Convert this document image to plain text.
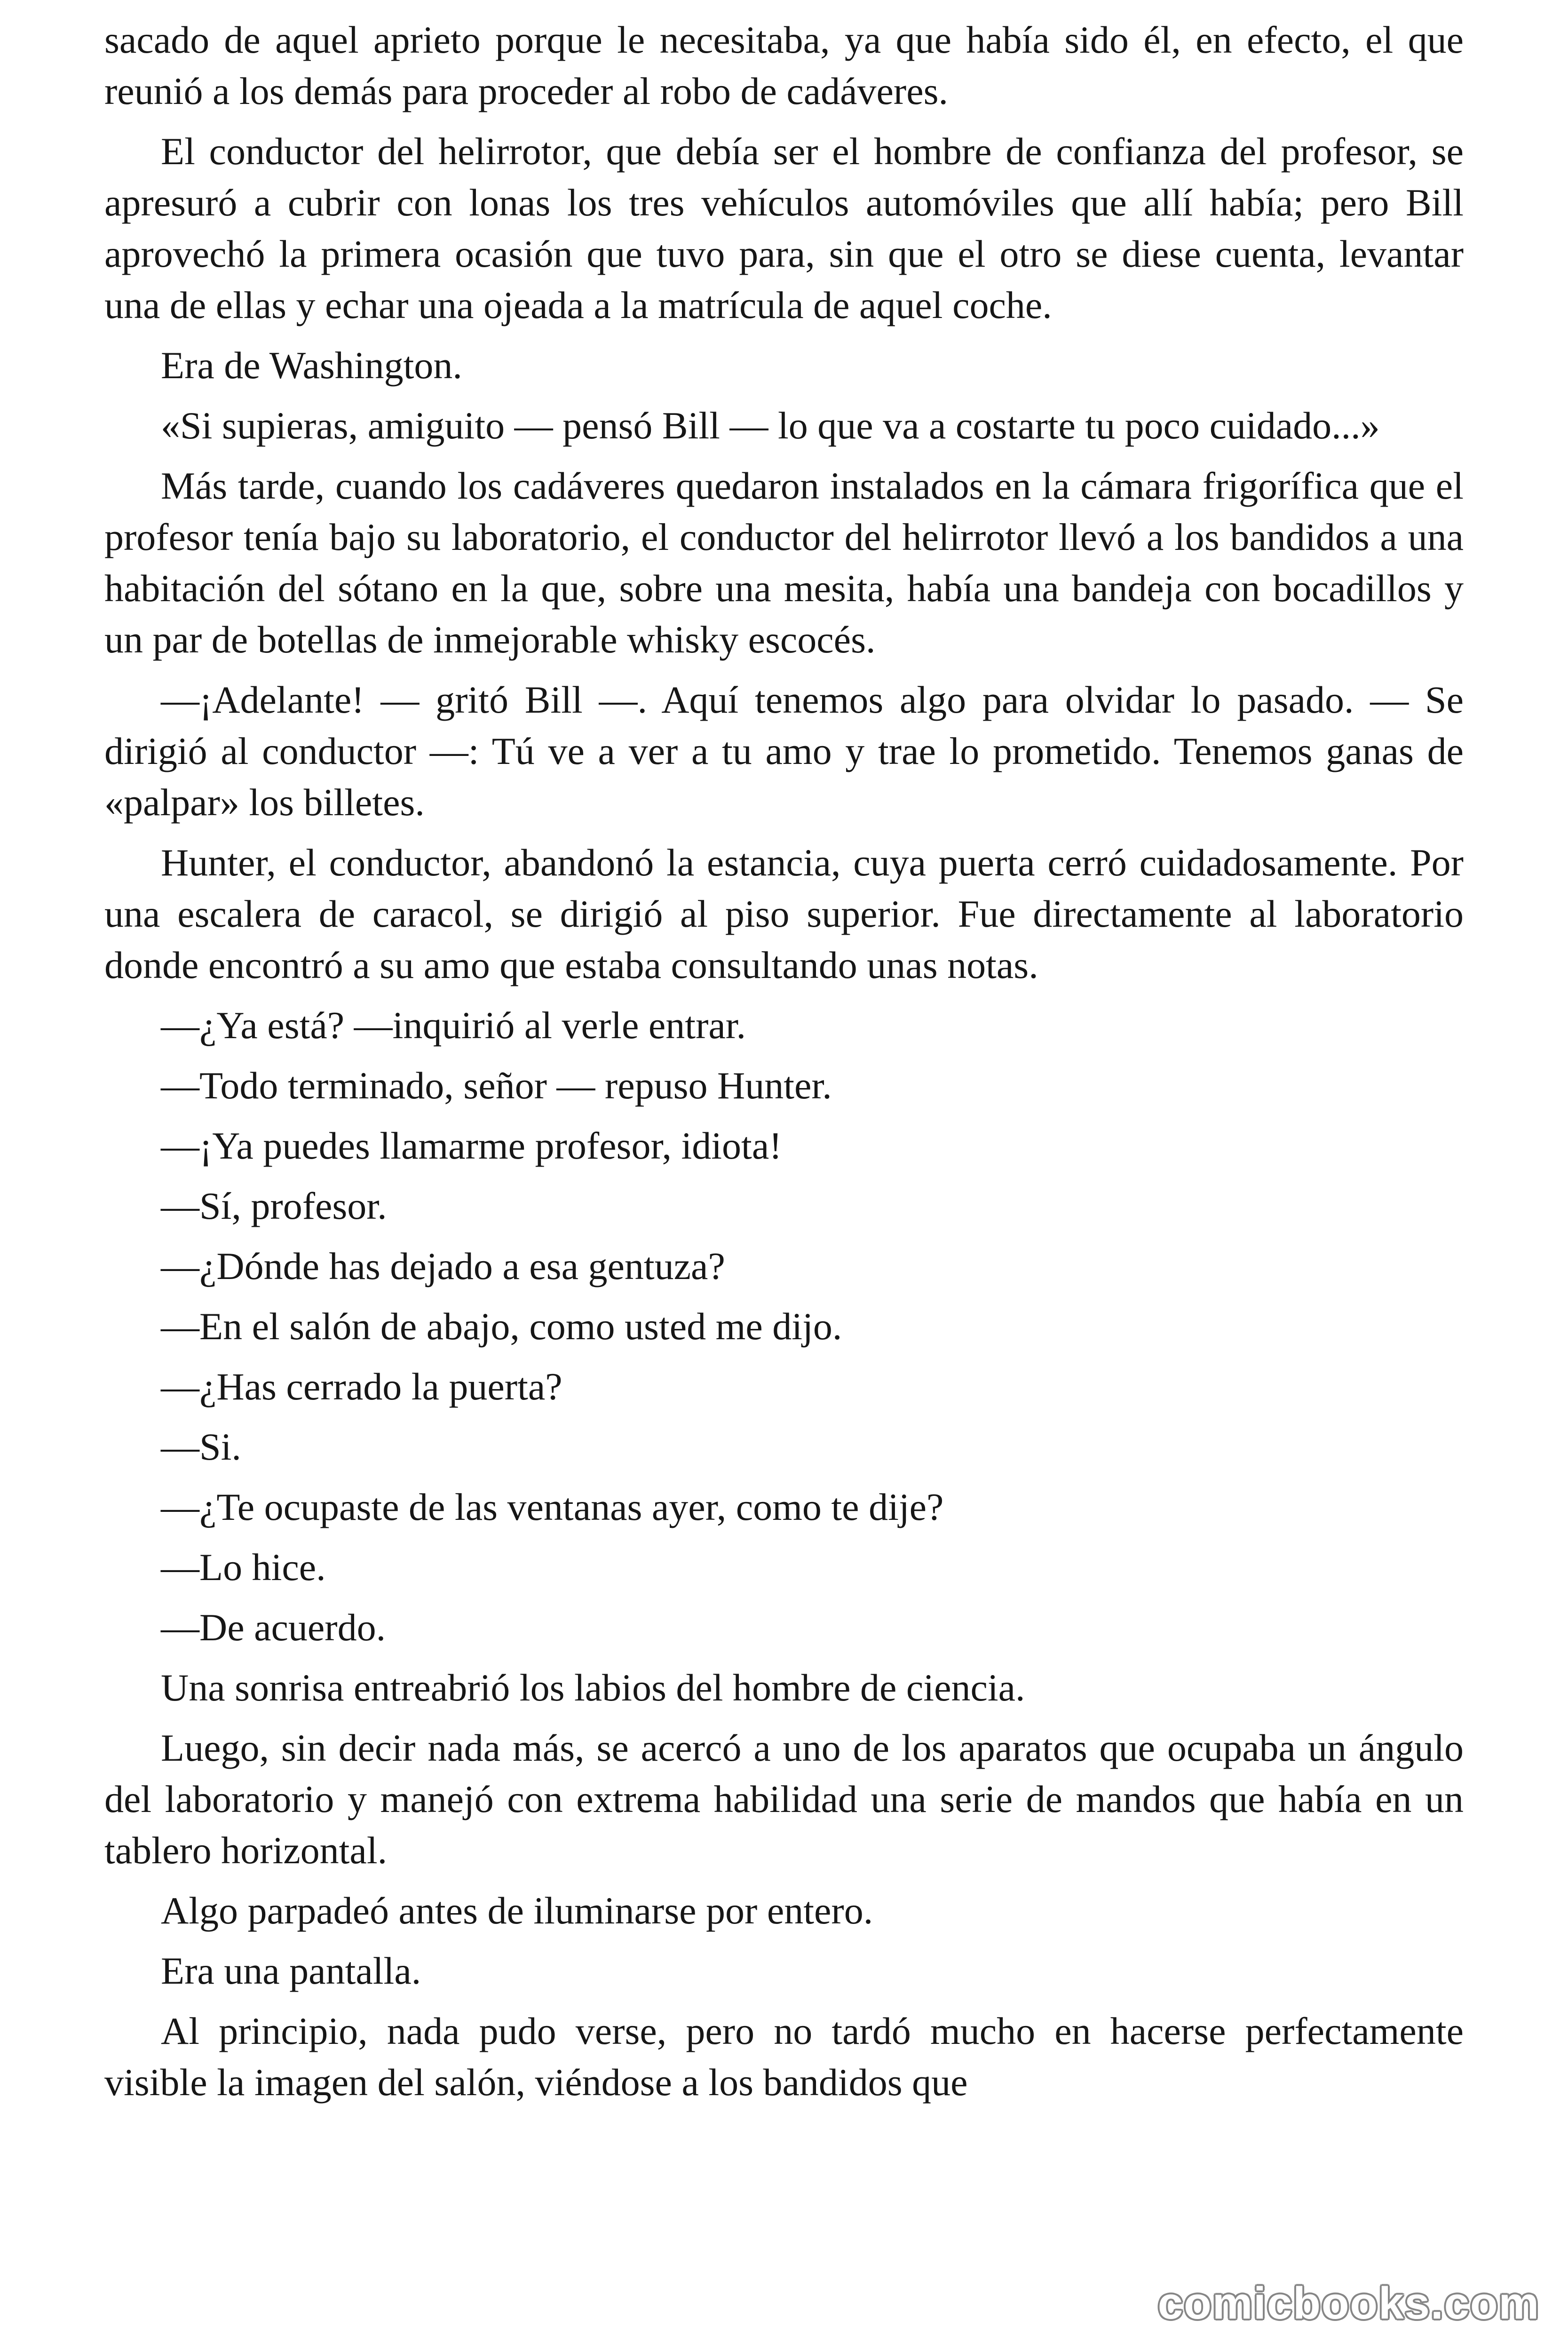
sacado de aquel aprieto porque le necesitaba, ya que había sido él, en efecto, el que reunió a los demás para proceder al robo de cadáveres.

El conductor del helirrotor, que debía ser el hombre de confianza del profesor, se apresuró a cubrir con lonas los tres vehículos automóviles que allí había; pero Bill aprovechó la primera ocasión que tuvo para, sin que el otro se diese cuenta, levantar una de ellas y echar una ojeada a la matrícula de aquel coche.

Era de Washington.

«Si supieras, amiguito — pensó Bill — lo que va a costarte tu poco cuidado...»

Más tarde, cuando los cadáveres quedaron instalados en la cámara frigorífica que el profesor tenía bajo su laboratorio, el conductor del helirrotor llevó a los bandidos a una habitación del sótano en la que, sobre una mesita, había una bandeja con bocadillos y un par de botellas de inmejorable whisky escocés.

—¡Adelante! — gritó Bill —. Aquí tenemos algo para olvidar lo pasado. — Se dirigió al conductor —: Tú ve a ver a tu amo y trae lo prometido. Tenemos ganas de «palpar» los billetes.

Hunter, el conductor, abandonó la estancia, cuya puerta cerró cuidadosamente. Por una escalera de caracol, se dirigió al piso superior. Fue directamente al laboratorio donde encontró a su amo que estaba consultando unas notas.

—¿Ya está? —inquirió al verle entrar.

—Todo terminado, señor — repuso Hunter.

—¡Ya puedes llamarme profesor, idiota!

—Sí, profesor.

—¿Dónde has dejado a esa gentuza?

—En el salón de abajo, como usted me dijo.

—¿Has cerrado la puerta?

—Si.

—¿Te ocupaste de las ventanas ayer, como te dije?

—Lo hice.

—De acuerdo.

Una sonrisa entreabrió los labios del hombre de ciencia.

Luego, sin decir nada más, se acercó a uno de los aparatos que ocupaba un ángulo del laboratorio y manejó con extrema habilidad una serie de mandos que había en un tablero horizontal.

Algo parpadeó antes de iluminarse por entero.

Era una pantalla.

Al principio, nada pudo verse, pero no tardó mucho en hacerse perfectamente visible la imagen del salón, viéndose a los bandidos que

comicbooks.com
